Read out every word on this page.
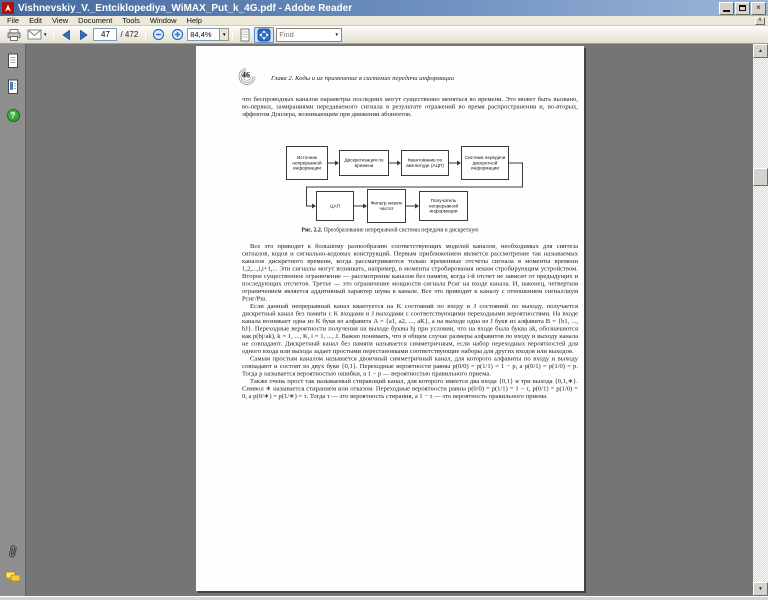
Vishnevskiy_V._Entciklopediya_WiMAX_Put_k_4G.pdf - Adobe Reader	×
File	Edit	View	Document	Tools	Window	Help	x
▼
47	/ 472	84,4%	▼
Find	▼
?
46 Глава 2. Коды и их применение в системах передачи информации

что беспроводных каналов параметры последних могут существенно меняться во времени. Это может быть вызвано, во-первых, замираниями передаваемого сигнала в результате отражений во время распространения и, во-вторых, эффектом Доплера, возникающим при движении абонентов.

Источник непрерывной информации
Дискретизация по времени
Квантование по амплитуде (АЦП)
Система передачи дискретной информации
ЦАП	Фильтр низких частот
Получатель непрерывной информации
Рис. 2.2. Преобразование непрерывной системы передачи в дискретную

Все это приводит к большому разнообразию соответствующих моделей каналов, необходимых для синтеза сигналов, кодов и сигнально-кодовых конструкций. Первым приближением является рассмотрение так называемых каналов дискретного времени, когда рассматриваются только временные отсчеты сигнала в моменты времени 1,2,...,i,i+1,... Эти сигналы могут возникать, например, в моменты стробирования неким стробирующим устройством. Второе существенное ограничение — рассмотрение каналов без памяти, когда i-й отсчет не зависит от предыдущих и последующих отсчетов. Третье — это ограничение мощности сигнала Pсиг на входе канала. И, наконец, четвертым ограничением является аддитивный характер шума в канале. Все это приводит к каналу с отношением сигнал/шум Pсиг/Pш.

Если данный непрерывный канал квантуется на K состояний по входу и J состояний по выходу, получается дискретный канал без памяти с K входами и J выходами с соответствующими переходными вероятностями. На входе канала возникает одна из K букв из алфавита A = {a1, a2, ..., aK}, а на выходе одна из J букв из алфавита B = {b1, ..., bJ}. Переходные вероятности получения на выходе буквы bj при условии, что на входе была буква ak, обозначаются как p(bj/ak), k = 1, ..., K, i = 1, ..., J. Важно понимать, что в общем случае размеры алфавитов по входу и выходу канала не совпадают. Дискретный канал без памяти называется симметричным, если набор переходных вероятностей для одного входа или выхода задает простыми перестановками соответствующие наборы для других входов или выходов.

Самым простым каналом называется двоичный симметричный канал, для которого алфавиты по входу и выходу совпадают и состоят из двух букв {0,1}. Переходные вероятности равны p(0/0) = p(1/1) = 1 − p, а p(0/1) = p(1/0) = p. Тогда p называется вероятностью ошибки, а 1 − p — вероятностью правильного приема.

Также очень прост так называемый стирающий канал, для которого имеется два входа {0,1} и три выхода {0,1,∗}. Символ ∗ называется стиранием или отказом. Переходные вероятности равны p(0/0) = p(1/1) = 1 − τ, p(0/1) = p(1/0) = 0, а p(0/∗) = p(1/∗) = τ. Тогда τ — это вероятность стирания, а 1 − τ — это вероятность правильного приема.

▲
▼
